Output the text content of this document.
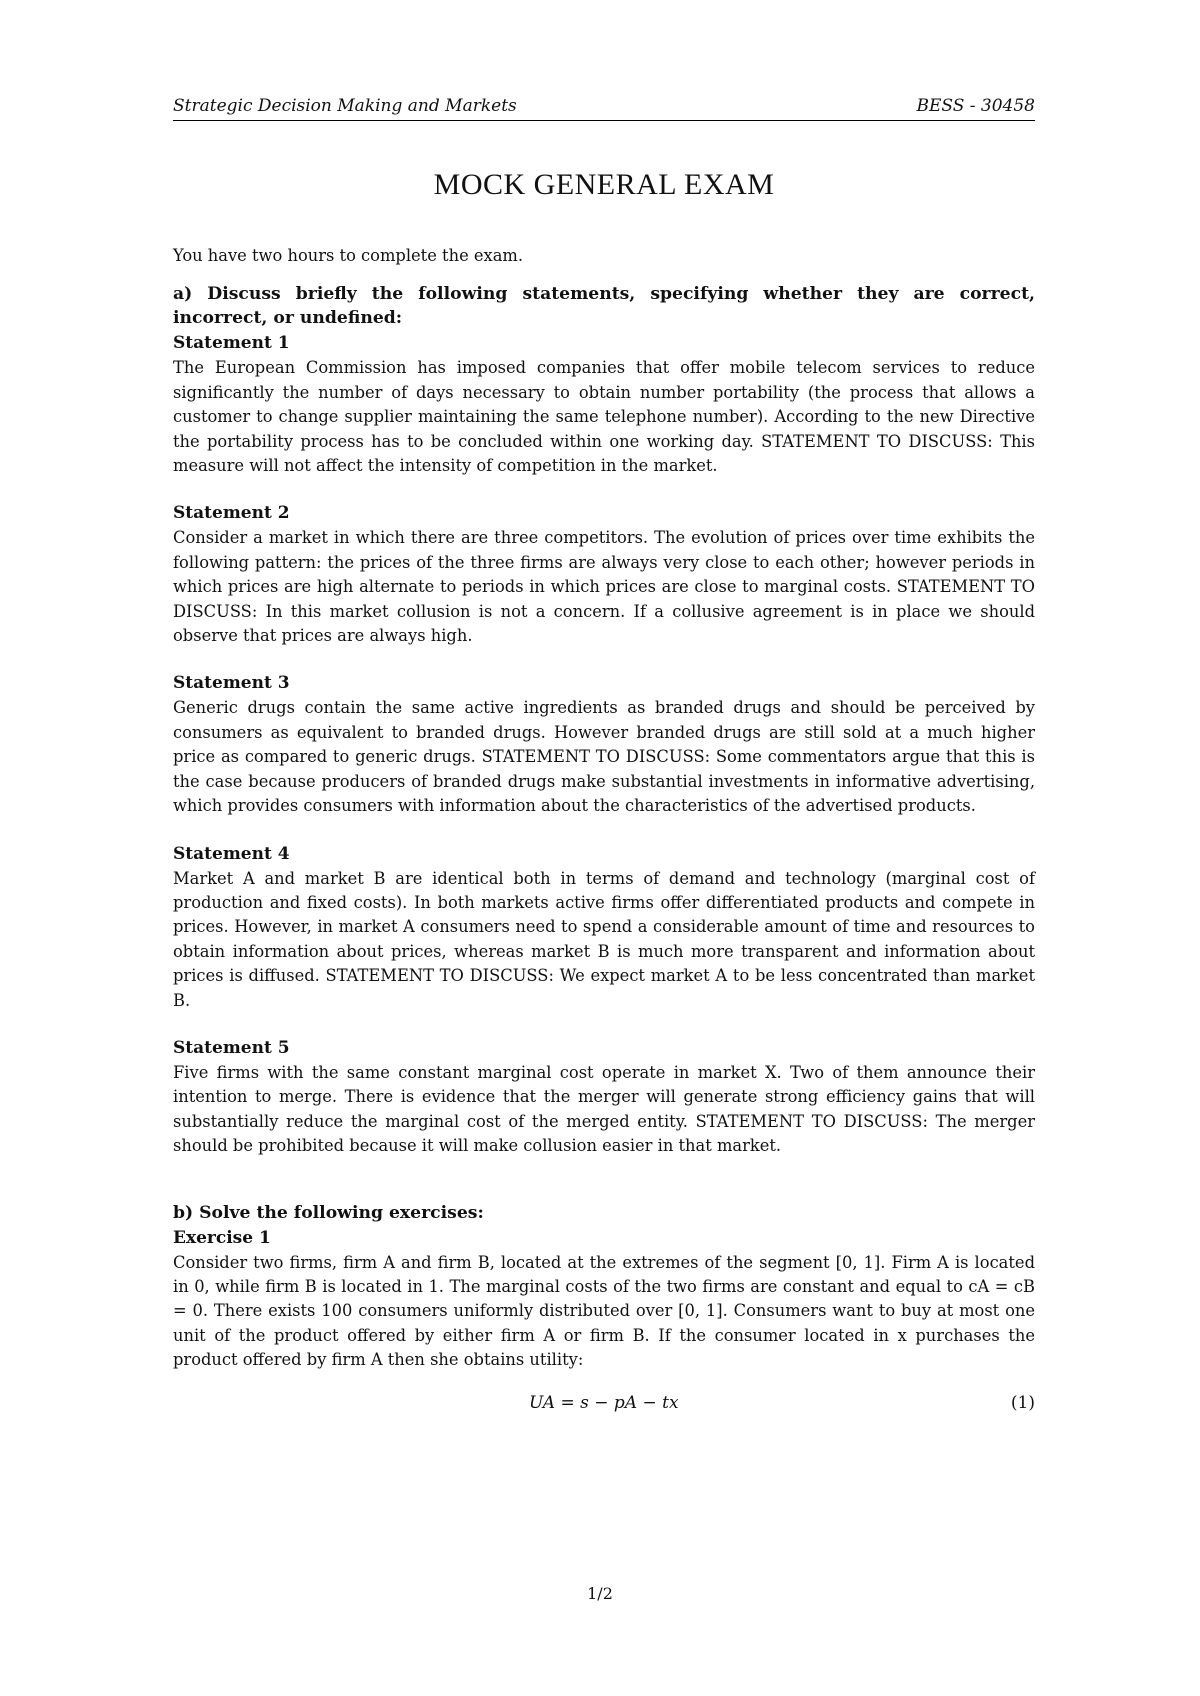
Strategic Decision Making and Markets	BESS - 30458
MOCK GENERAL EXAM

You have two hours to complete the exam.

a) Discuss briefly the following statements, specifying whether they are correct, incorrect, or undefined:

Statement 1

The European Commission has imposed companies that offer mobile telecom services to reduce significantly the number of days necessary to obtain number portability (the process that allows a customer to change supplier maintaining the same telephone number). According to the new Directive the portability process has to be concluded within one working day. STATEMENT TO DISCUSS: This measure will not affect the intensity of competition in the market.

Statement 2

Consider a market in which there are three competitors. The evolution of prices over time exhibits the following pattern: the prices of the three firms are always very close to each other; however periods in which prices are high alternate to periods in which prices are close to marginal costs. STATEMENT TO DISCUSS: In this market collusion is not a concern. If a collusive agreement is in place we should observe that prices are always high.

Statement 3

Generic drugs contain the same active ingredients as branded drugs and should be perceived by consumers as equivalent to branded drugs. However branded drugs are still sold at a much higher price as compared to generic drugs. STATEMENT TO DISCUSS: Some commentators argue that this is the case because producers of branded drugs make substantial investments in informative advertising, which provides consumers with information about the characteristics of the advertised products.

Statement 4

Market A and market B are identical both in terms of demand and technology (marginal cost of production and fixed costs). In both markets active firms offer differentiated products and compete in prices. However, in market A consumers need to spend a considerable amount of time and resources to obtain information about prices, whereas market B is much more transparent and information about prices is diffused. STATEMENT TO DISCUSS: We expect market A to be less concentrated than market B.

Statement 5

Five firms with the same constant marginal cost operate in market X. Two of them announce their intention to merge. There is evidence that the merger will generate strong efficiency gains that will substantially reduce the marginal cost of the merged entity. STATEMENT TO DISCUSS: The merger should be prohibited because it will make collusion easier in that market.

b) Solve the following exercises:

Exercise 1

Consider two firms, firm A and firm B, located at the extremes of the segment [0, 1]. Firm A is located in 0, while firm B is located in 1. The marginal costs of the two firms are constant and equal to cA = cB = 0. There exists 100 consumers uniformly distributed over [0, 1]. Consumers want to buy at most one unit of the product offered by either firm A or firm B. If the consumer located in x purchases the product offered by firm A then she obtains utility:

UA = s − pA − tx	(1)
1/2
